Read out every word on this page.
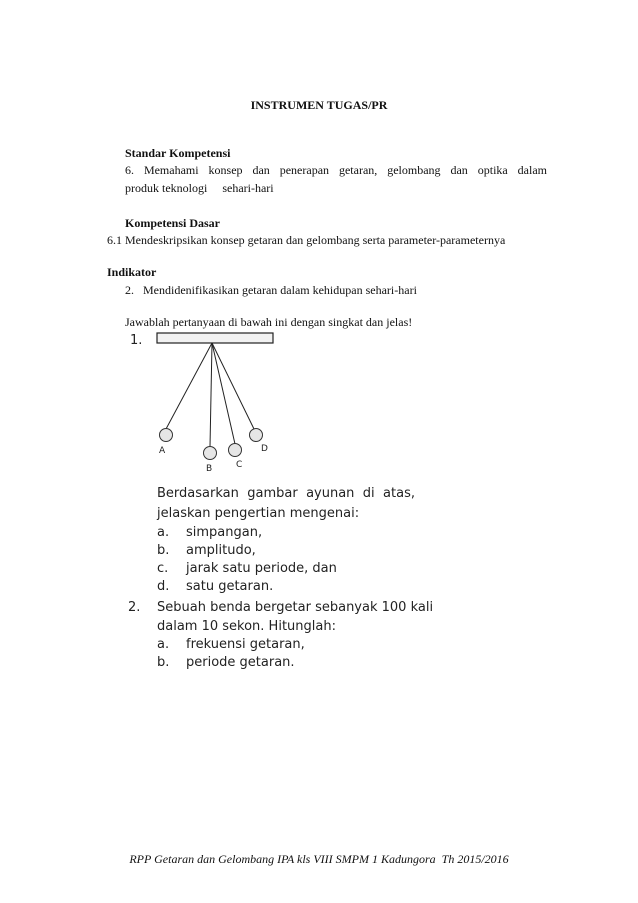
INSTRUMEN TUGAS/PR
Standar Kompetensi
6. Memahami konsep dan penerapan getaran, gelombang dan optika dalam
produk teknologi     sehari-hari
Kompetensi Dasar
6.1 Mendeskripsikan konsep getaran dan gelombang serta parameter-parameternya
Indikator
2.   Mendidenifikasikan getaran dalam kehidupan sehari-hari
Jawablah pertanyaan di bawah ini dengan singkat dan jelas!
1.
A
B	C
D
Berdasarkan gambar ayunan di atas,
jelaskan pengertian mengenai:
a. simpangan,
b. amplitudo,
c. jarak satu periode, dan
d. satu getaran.
2. Sebuah benda bergetar sebanyak 100 kali
dalam 10 sekon. Hitunglah:
a. frekuensi getaran,
b. periode getaran.
RPP Getaran dan Gelombang IPA kls VIII SMPM 1 Kadungora  Th 2015/2016
